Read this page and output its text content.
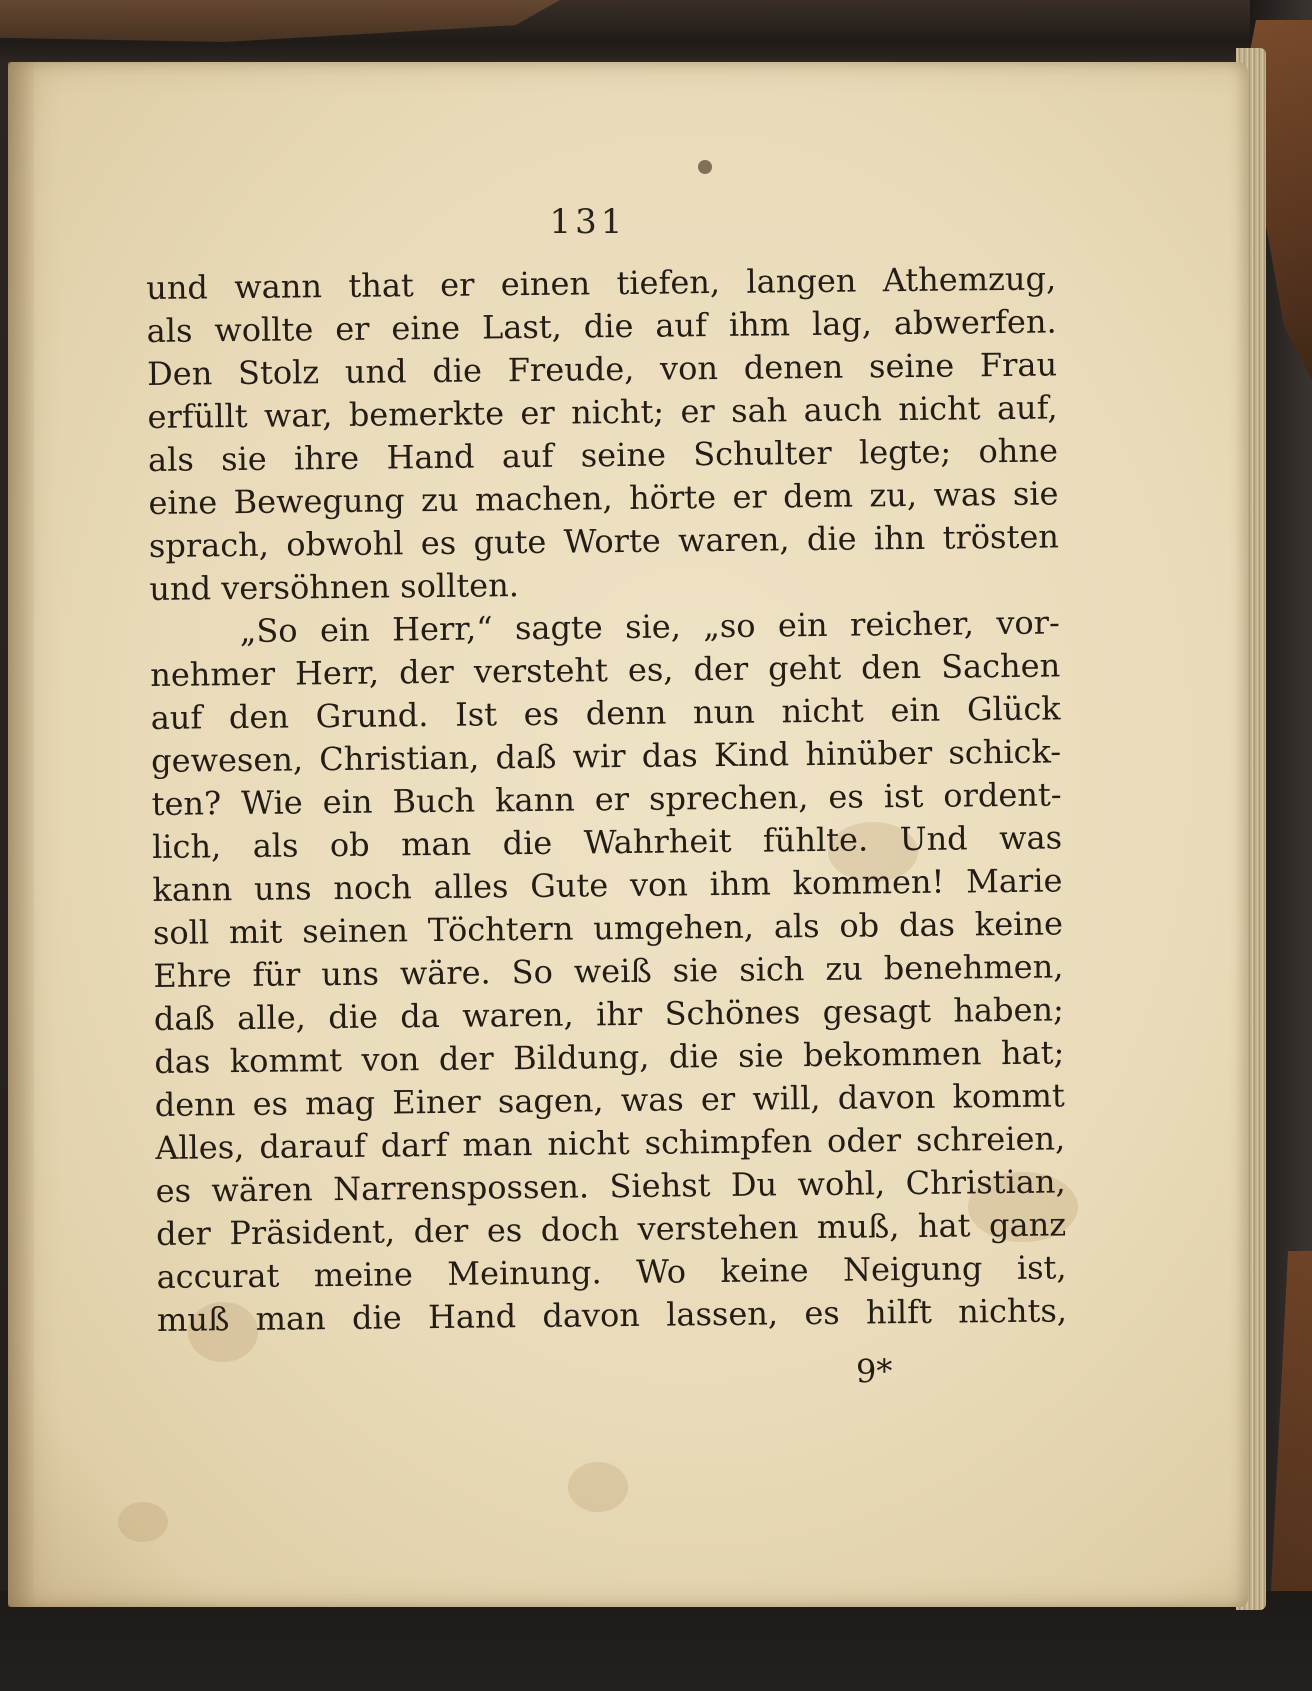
131
und wann that er einen tiefen, langen Athemzug,
als wollte er eine Last, die auf ihm lag, abwerfen.
Den Stolz und die Freude, von denen seine Frau
erfüllt war, bemerkte er nicht; er sah auch nicht auf,
als sie ihre Hand auf seine Schulter legte; ohne
eine Bewegung zu machen, hörte er dem zu, was sie
sprach, obwohl es gute Worte waren, die ihn trösten
und versöhnen sollten.
„So ein Herr,“ sagte sie, „so ein reicher, vor-
nehmer Herr, der versteht es, der geht den Sachen
auf den Grund. Ist es denn nun nicht ein Glück
gewesen, Christian, daß wir das Kind hinüber schick-
ten? Wie ein Buch kann er sprechen, es ist ordent-
lich, als ob man die Wahrheit fühlte. Und was
kann uns noch alles Gute von ihm kommen! Marie
soll mit seinen Töchtern umgehen, als ob das keine
Ehre für uns wäre. So weiß sie sich zu benehmen,
daß alle, die da waren, ihr Schönes gesagt haben;
das kommt von der Bildung, die sie bekommen hat;
denn es mag Einer sagen, was er will, davon kommt
Alles, darauf darf man nicht schimpfen oder schreien,
es wären Narrenspossen. Siehst Du wohl, Christian,
der Präsident, der es doch verstehen muß, hat ganz
accurat meine Meinung. Wo keine Neigung ist,
muß man die Hand davon lassen, es hilft nichts,
9*
